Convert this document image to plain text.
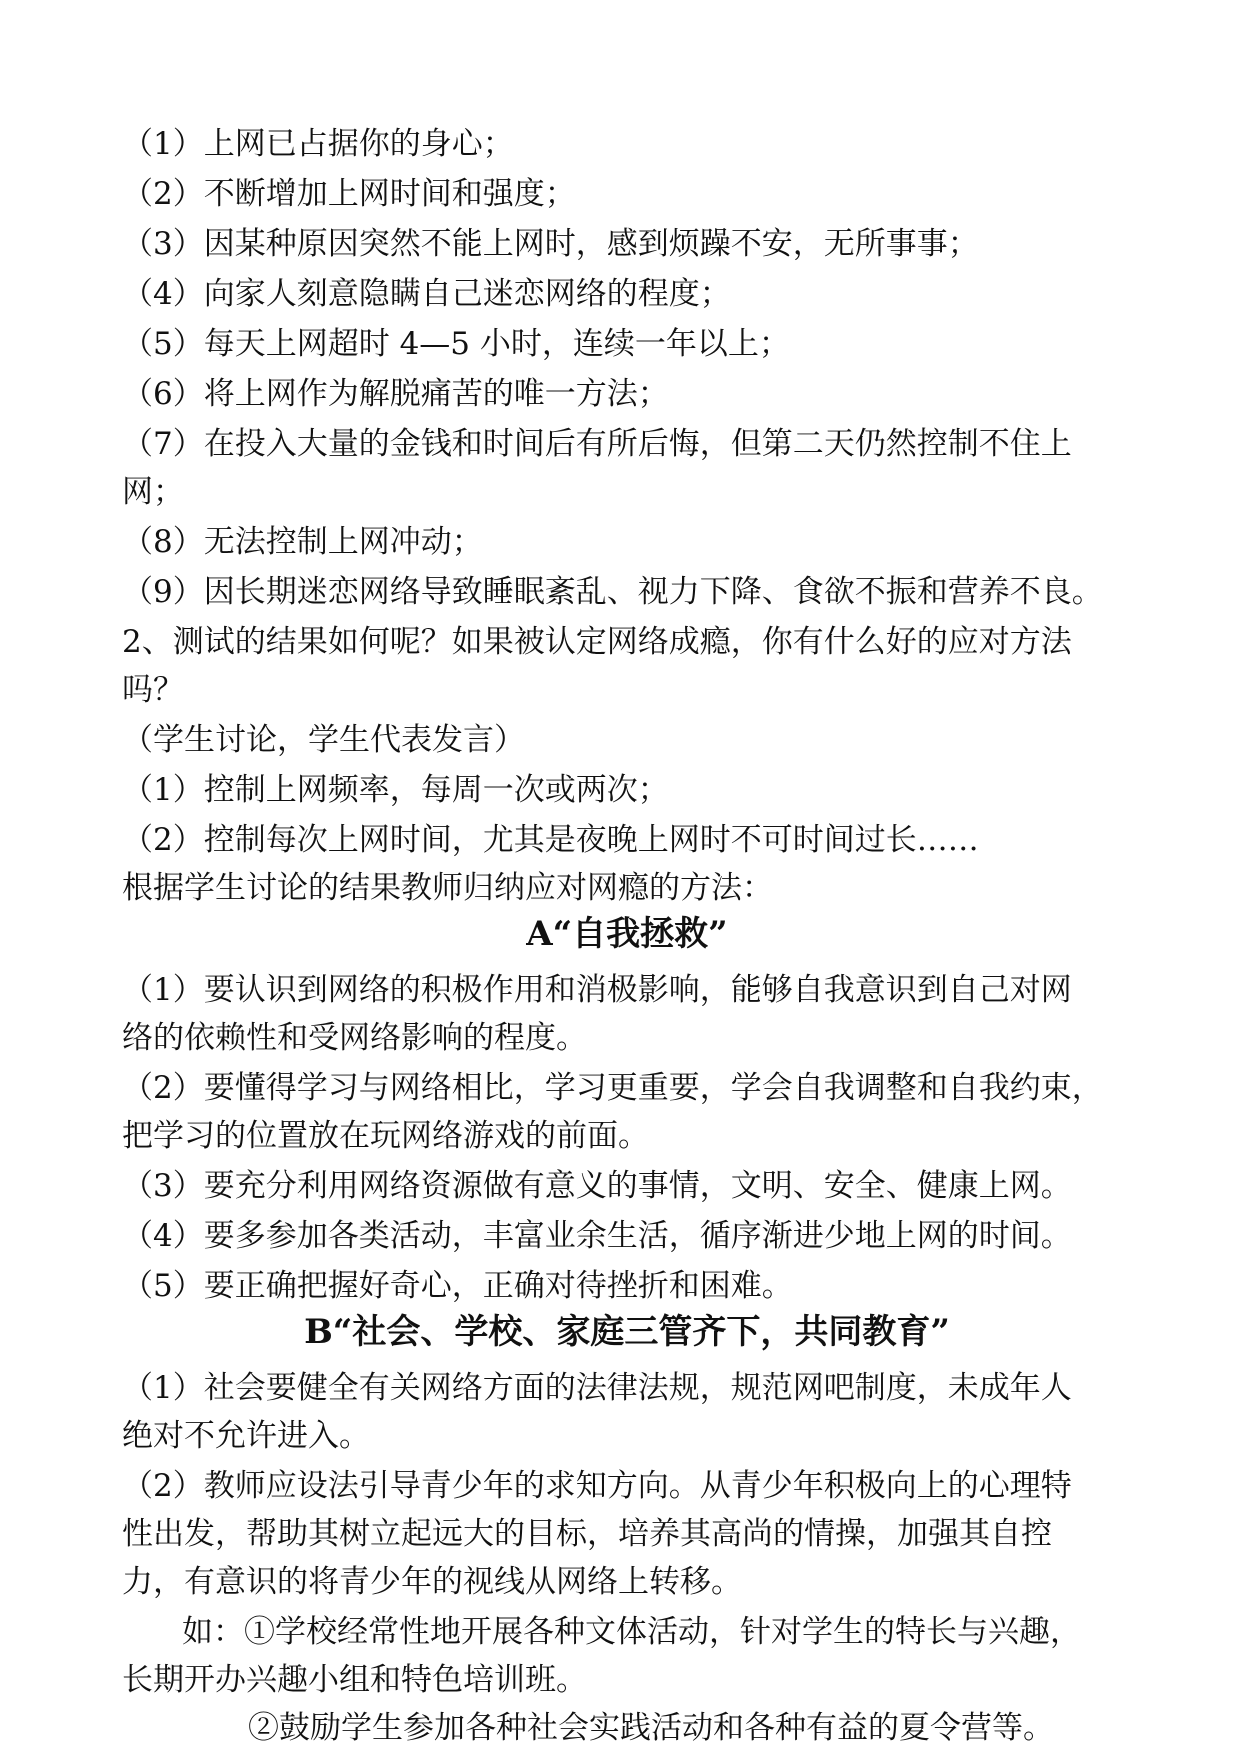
（1）上网已占据你的身心；
（2）不断增加上网时间和强度；
（3）因某种原因突然不能上网时，感到烦躁不安，无所事事；
（4）向家人刻意隐瞒自己迷恋网络的程度；
（5）每天上网超时 4—5 小时，连续一年以上；
（6）将上网作为解脱痛苦的唯一方法；
（7）在投入大量的金钱和时间后有所后悔，但第二天仍然控制不住上
网；
（8）无法控制上网冲动；
（9）因长期迷恋网络导致睡眠紊乱、视力下降、食欲不振和营养不良。
2、测试的结果如何呢？如果被认定网络成瘾，你有什么好的应对方法
吗？
（学生讨论，学生代表发言）
（1）控制上网频率，每周一次或两次；
（2）控制每次上网时间，尤其是夜晚上网时不可时间过长……
根据学生讨论的结果教师归纳应对网瘾的方法：
A“自我拯救”
（1）要认识到网络的积极作用和消极影响，能够自我意识到自己对网
络的依赖性和受网络影响的程度。
（2）要懂得学习与网络相比，学习更重要，学会自我调整和自我约束，
把学习的位置放在玩网络游戏的前面。
（3）要充分利用网络资源做有意义的事情，文明、安全、健康上网。
（4）要多参加各类活动，丰富业余生活，循序渐进少地上网的时间。
（5）要正确把握好奇心，正确对待挫折和困难。
B“社会、学校、家庭三管齐下，共同教育”
（1）社会要健全有关网络方面的法律法规，规范网吧制度，未成年人
绝对不允许进入。
（2）教师应设法引导青少年的求知方向。从青少年积极向上的心理特
性出发，帮助其树立起远大的目标，培养其高尚的情操，加强其自控
力，有意识的将青少年的视线从网络上转移。
如：①学校经常性地开展各种文体活动，针对学生的特长与兴趣，
长期开办兴趣小组和特色培训班。
②鼓励学生参加各种社会实践活动和各种有益的夏令营等。
